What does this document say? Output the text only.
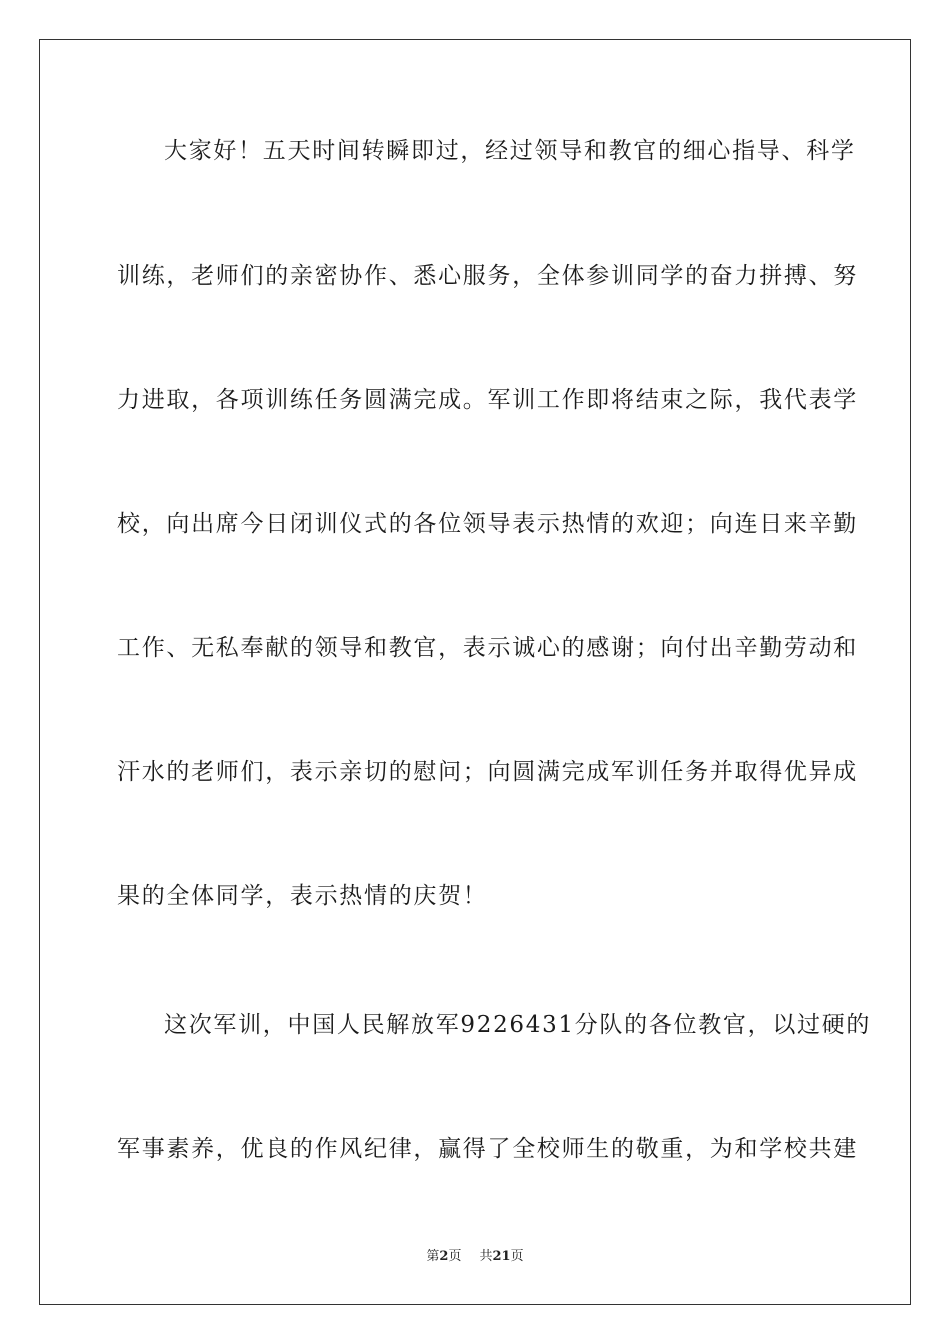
大家好！五天时间转瞬即过，经过领导和教官的细心指导、科学
训练，老师们的亲密协作、悉心服务，全体参训同学的奋力拼搏、努
力进取，各项训练任务圆满完成。军训工作即将结束之际，我代表学
校，向出席今日闭训仪式的各位领导表示热情的欢迎；向连日来辛勤
工作、无私奉献的领导和教官，表示诚心的感谢；向付出辛勤劳动和
汗水的老师们，表示亲切的慰问；向圆满完成军训任务并取得优异成
果的全体同学，表示热情的庆贺！
这次军训，中国人民解放军9226431分队的各位教官，以过硬的
军事素养，优良的作风纪律，赢得了全校师生的敬重，为和学校共建
第2页 共21页
